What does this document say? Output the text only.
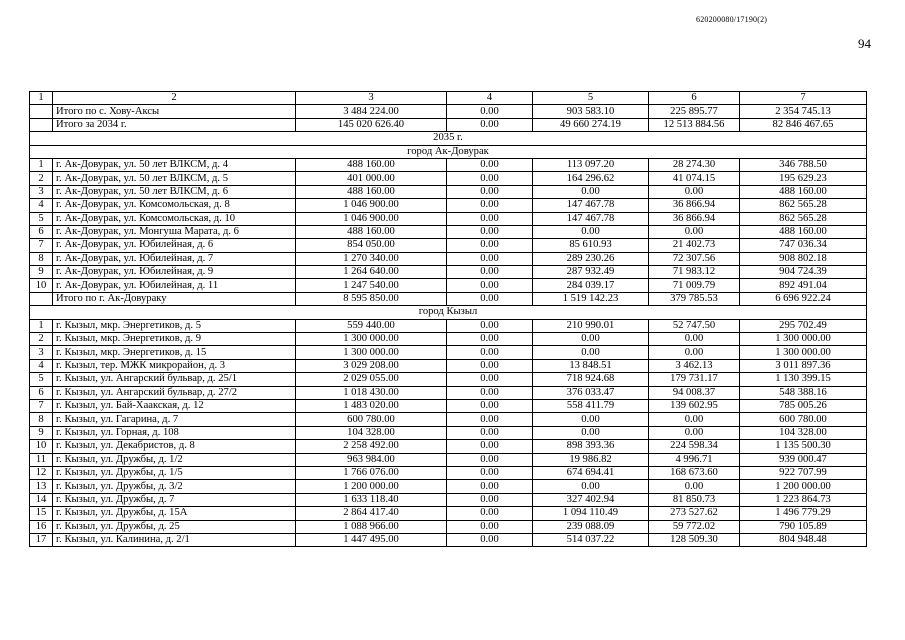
620200080/17190(2)
94
1	2	3	4	5	6	7
	Итого по с. Хову-Аксы	3 484 224.00	0.00	903 583.10	225 895.77	2 354 745.13
	Итого за 2034 г.	145 020 626.40	0.00	49 660 274.19	12 513 884.56	82 846 467.65
2035 г.						
город Ак-Довурак						
1	г. Ак-Довурак, ул. 50 лет ВЛКСМ, д. 4	488 160.00	0.00	113 097.20	28 274.30	346 788.50
2	г. Ак-Довурак, ул. 50 лет ВЛКСМ, д. 5	401 000.00	0.00	164 296.62	41 074.15	195 629.23
3	г. Ак-Довурак, ул. 50 лет ВЛКСМ, д. 6	488 160.00	0.00	0.00	0.00	488 160.00
4	г. Ак-Довурак, ул. Комсомольская, д. 8	1 046 900.00	0.00	147 467.78	36 866.94	862 565.28
5	г. Ак-Довурак, ул. Комсомольская, д. 10	1 046 900.00	0.00	147 467.78	36 866.94	862 565.28
6	г. Ак-Довурак, ул. Монгуша Марата, д. 6	488 160.00	0.00	0.00	0.00	488 160.00
7	г. Ак-Довурак, ул. Юбилейная, д. 6	854 050.00	0.00	85 610.93	21 402.73	747 036.34
8	г. Ак-Довурак, ул. Юбилейная, д. 7	1 270 340.00	0.00	289 230.26	72 307.56	908 802.18
9	г. Ак-Довурак, ул. Юбилейная, д. 9	1 264 640.00	0.00	287 932.49	71 983.12	904 724.39
10	г. Ак-Довурак, ул. Юбилейная, д. 11	1 247 540.00	0.00	284 039.17	71 009.79	892 491.04
	Итого по г. Ак-Довураку	8 595 850.00	0.00	1 519 142.23	379 785.53	6 696 922.24
город Кызыл						
1	г. Кызыл, мкр. Энергетиков, д. 5	559 440.00	0.00	210 990.01	52 747.50	295 702.49
2	г. Кызыл, мкр. Энергетиков, д. 9	1 300 000.00	0.00	0.00	0.00	1 300 000.00
3	г. Кызыл, мкр. Энергетиков, д. 15	1 300 000.00	0.00	0.00	0.00	1 300 000.00
4	г. Кызыл, тер. МЖК микрорайон, д. 3	3 029 208.00	0.00	13 848.51	3 462.13	3 011 897.36
5	г. Кызыл, ул. Ангарский бульвар, д. 25/1	2 029 055.00	0.00	718 924.68	179 731.17	1 130 399.15
6	г. Кызыл, ул. Ангарский бульвар, д. 27/2	1 018 430.00	0.00	376 033.47	94 008.37	548 388.16
7	г. Кызыл, ул. Бай-Хаакская, д. 12	1 483 020.00	0.00	558 411.79	139 602.95	785 005.26
8	г. Кызыл, ул. Гагарина, д. 7	600 780.00	0.00	0.00	0.00	600 780.00
9	г. Кызыл, ул. Горная, д. 108	104 328.00	0.00	0.00	0.00	104 328.00
10	г. Кызыл, ул. Декабристов, д. 8	2 258 492.00	0.00	898 393.36	224 598.34	1 135 500.30
11	г. Кызыл, ул. Дружбы, д. 1/2	963 984.00	0.00	19 986.82	4 996.71	939 000.47
12	г. Кызыл, ул. Дружбы, д. 1/5	1 766 076.00	0.00	674 694.41	168 673.60	922 707.99
13	г. Кызыл, ул. Дружбы, д. 3/2	1 200 000.00	0.00	0.00	0.00	1 200 000.00
14	г. Кызыл, ул. Дружбы, д. 7	1 633 118.40	0.00	327 402.94	81 850.73	1 223 864.73
15	г. Кызыл, ул. Дружбы, д. 15А	2 864 417.40	0.00	1 094 110.49	273 527.62	1 496 779.29
16	г. Кызыл, ул. Дружбы, д. 25	1 088 966.00	0.00	239 088.09	59 772.02	790 105.89
17	г. Кызыл, ул. Калинина, д. 2/1	1 447 495.00	0.00	514 037.22	128 509.30	804 948.48
